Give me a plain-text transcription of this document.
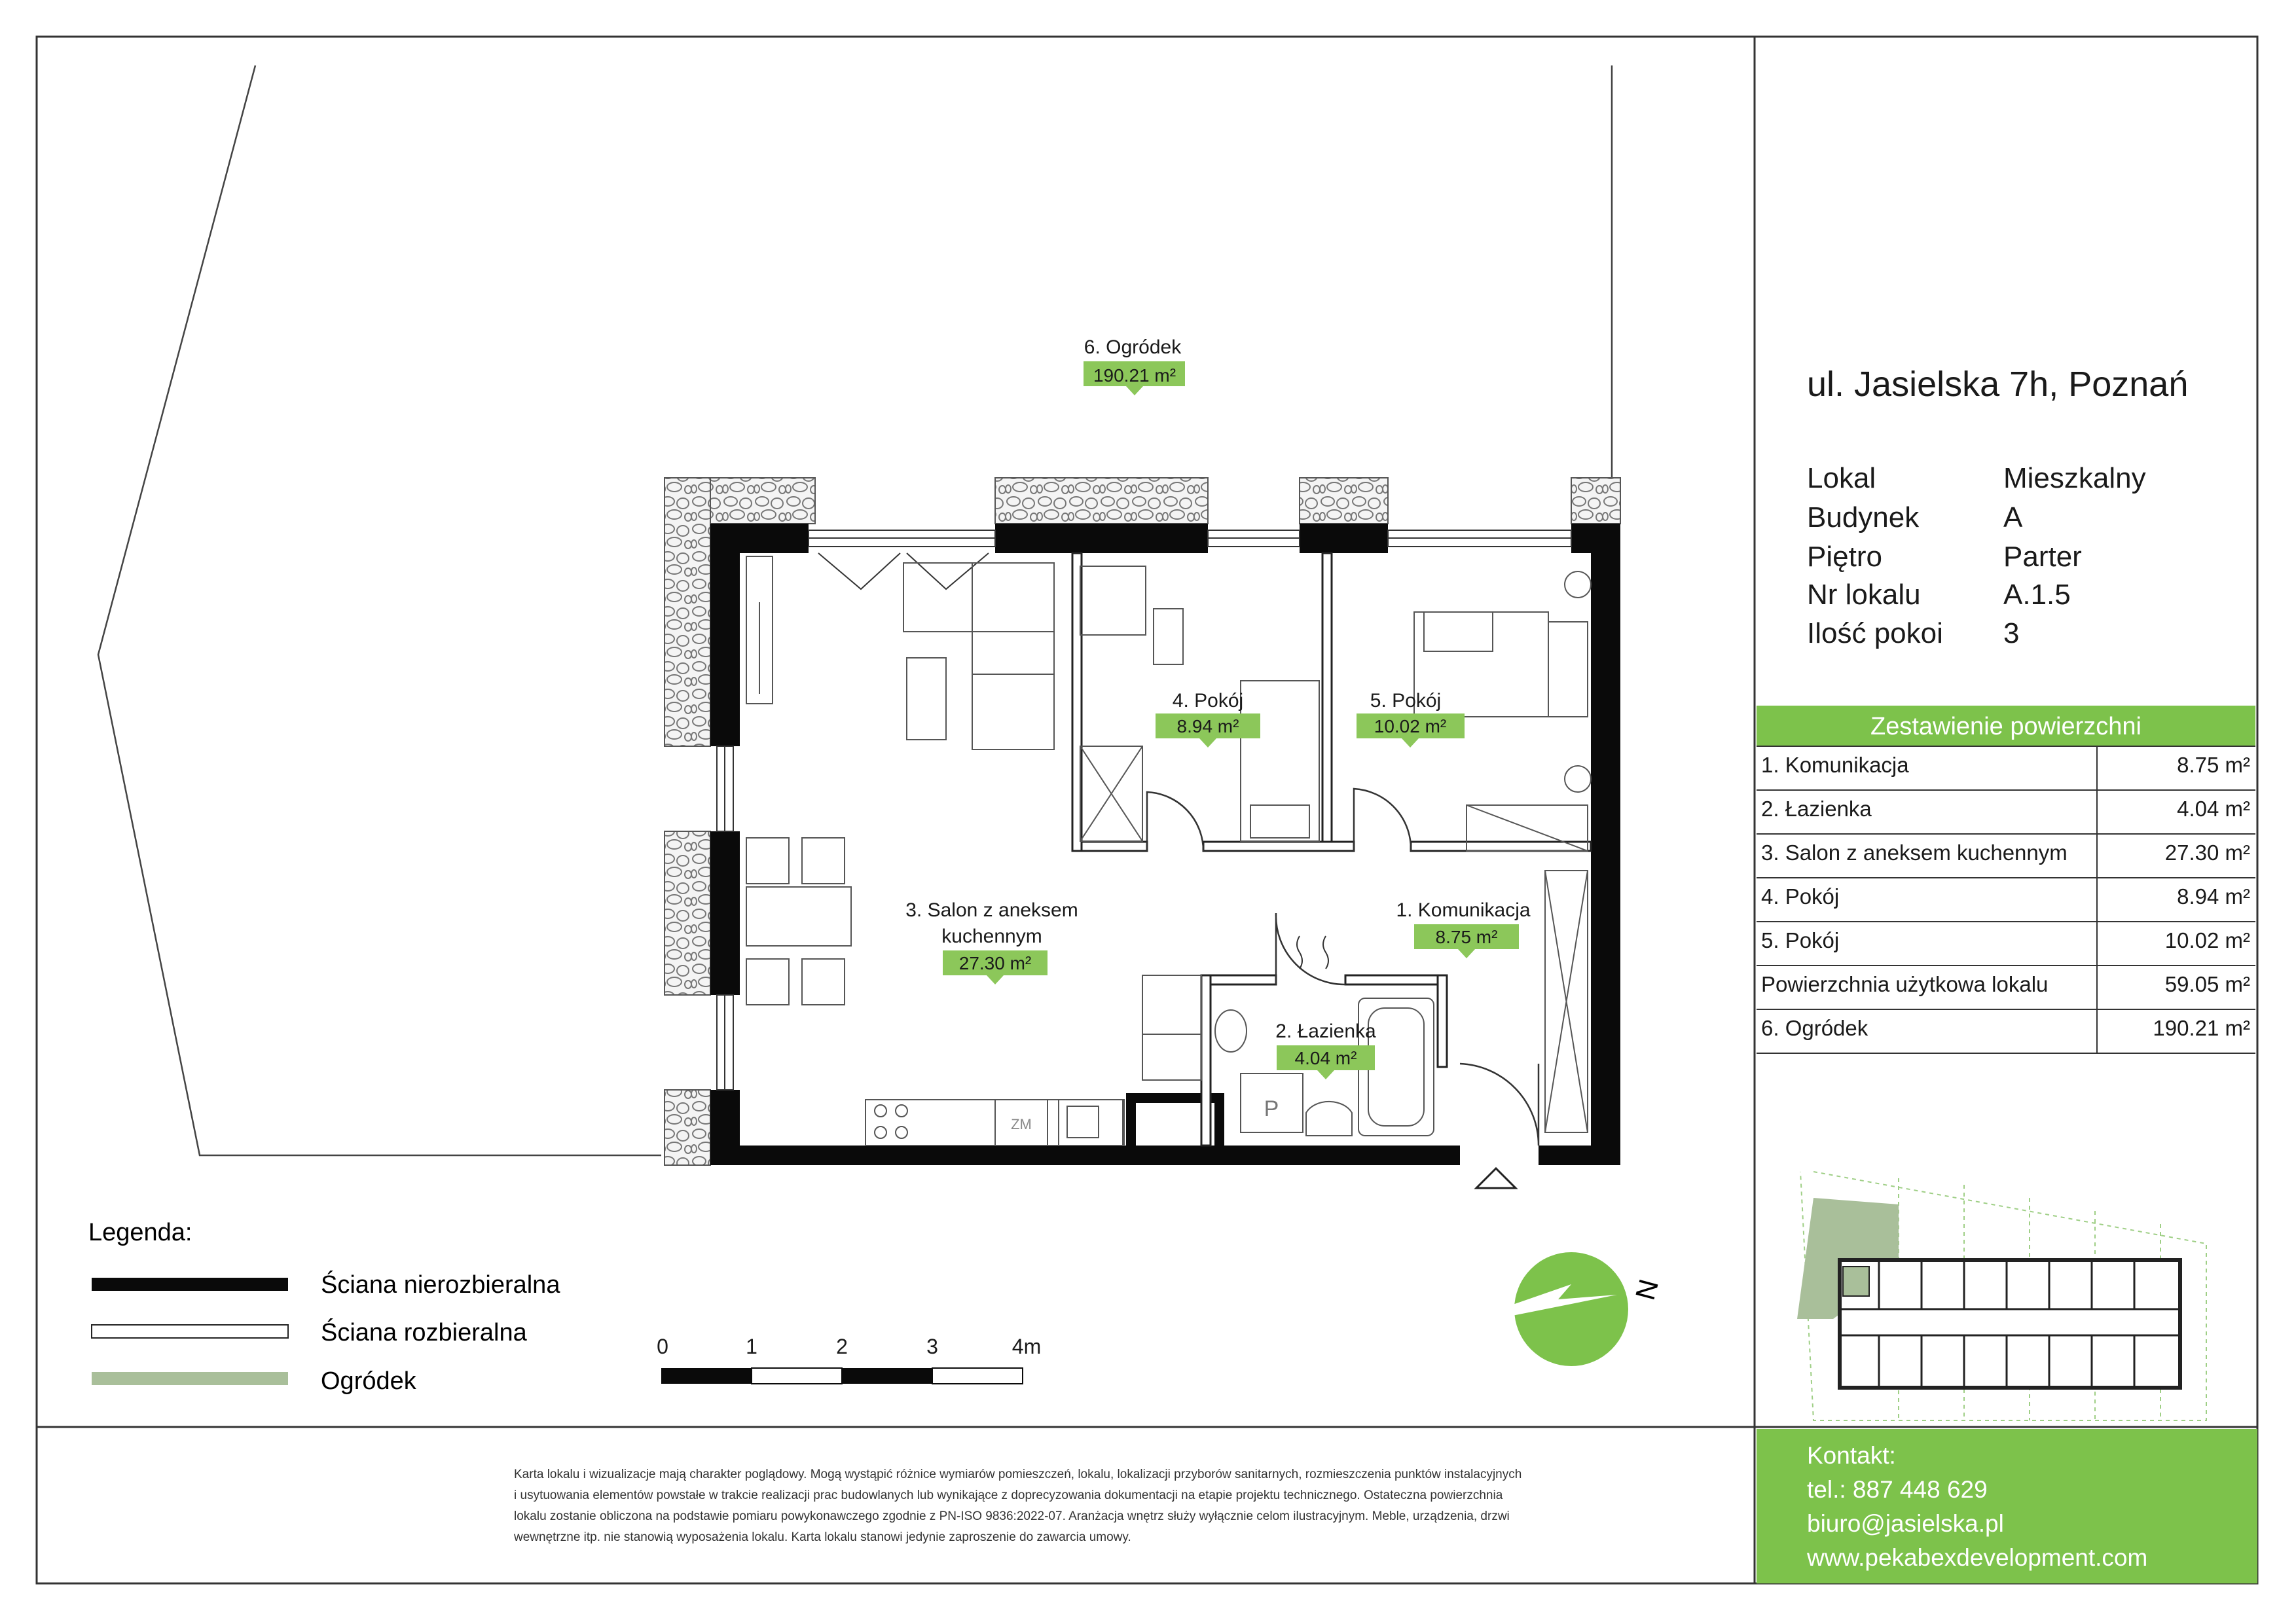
6. Ogródek
190.21 m²
4. Pokój
8.94 m²
5. Pokój
10.02 m²
3. Salon z aneksem
kuchennym
27.30 m²
1. Komunikacja
8.75 m²
2. Łazienka
4.04 m²
ZM
P
Legenda:
Ściana nierozbieralna
Ściana rozbieralna
Ogródek
0	1	2	3	4m
N
ul. Jasielska 7h, Poznań
Lokal	Mieszkalny
Budynek	A
Piętro	Parter
Nr lokalu	A.1.5
Ilość pokoi 3
Zestawienie powierzchni
1. Komunikacja	8.75 m²
2. Łazienka	4.04 m²
3. Salon z aneksem kuchennym	27.30 m²
4. Pokój	8.94 m²
5. Pokój	10.02 m²
Powierzchnia użytkowa lokalu	59.05 m²
6. Ogródek	190.21 m²
Karta lokalu i wizualizacje mają charakter poglądowy. Mogą wystąpić różnice wymiarów pomieszczeń, lokalu, lokalizacji przyborów sanitarnych, rozmieszczenia punktów instalacyjnych
i usytuowania elementów powstałe w trakcie realizacji prac budowlanych lub wynikające z doprecyzowania dokumentacji na etapie projektu technicznego. Ostateczna powierzchnia
lokalu zostanie obliczona na podstawie pomiaru powykonawczego zgodnie z PN-ISO 9836:2022-07. Aranżacja wnętrz służy wyłącznie celom ilustracyjnym. Meble, urządzenia, drzwi
wewnętrzne itp. nie stanowią wyposażenia lokalu. Karta lokalu stanowi jedynie zaproszenie do zawarcia umowy.
Kontakt:
tel.: 887 448 629
biuro@jasielska.pl
www.pekabexdevelopment.com
